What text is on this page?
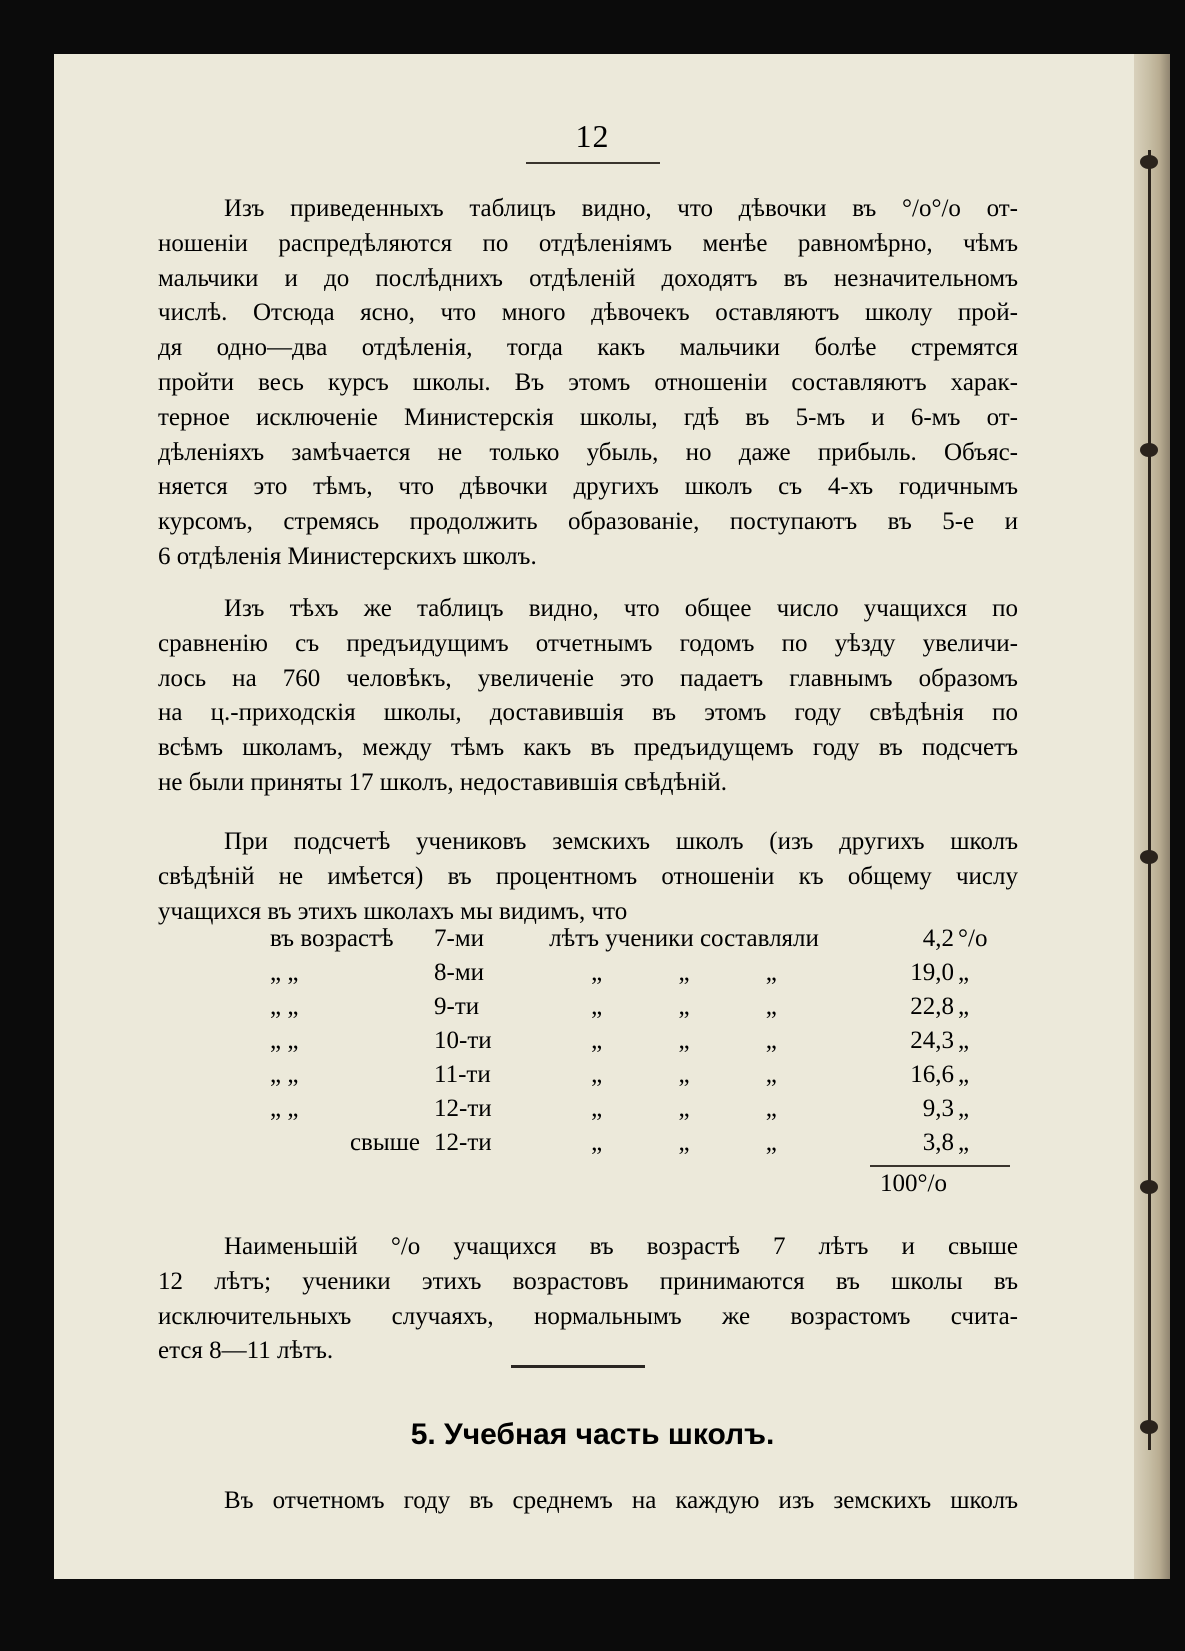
12
Изъ приведенныхъ таблицъ видно, что дѣвочки въ °/o°/o от-
ношеніи распредѣляются по отдѣленіямъ менѣе равномѣрно, чѣмъ
мальчики и до послѣднихъ отдѣленій доходятъ въ незначительномъ
числѣ. Отсюда ясно, что много дѣвочекъ оставляютъ школу прой-
дя одно—два отдѣленія, тогда какъ мальчики болѣе стремятся
пройти весь курсъ школы. Въ этомъ отношеніи составляютъ харак-
терное исключеніе Министерскія школы, гдѣ въ 5-мъ и 6-мъ от-
дѣленіяхъ замѣчается не только убыль, но даже прибыль. Объяс-
няется это тѣмъ, что дѣвочки другихъ школъ съ 4-хъ годичнымъ
курсомъ, стремясь продолжить образованіе, поступаютъ въ 5-е и
6 отдѣленія Министерскихъ школъ.
Изъ тѣхъ же таблицъ видно, что общее число учащихся по
сравненію съ предъидущимъ отчетнымъ годомъ по уѣзду увеличи-
лось на 760 человѣкъ, увеличеніе это падаетъ главнымъ образомъ
на ц.-приходскія школы, доставившія въ этомъ году свѣдѣнія по
всѣмъ школамъ, между тѣмъ какъ въ предъидущемъ году въ подсчетъ
не были приняты 17 школъ, недоставившія свѣдѣній.
При подсчетѣ учениковъ земскихъ школъ (изъ другихъ школъ
свѣдѣній не имѣется) въ процентномъ отношеніи къ общему числу
учащихся въ этихъ школахъ мы видимъ, что
въ возрастѣ	7-ми	лѣтъ ученики составляли	4,2	°/o
„ „	8-ми	„ „ „	19,0	„
„ „	9-ти	„ „ „	22,8	„
„ „	10-ти	„ „ „	24,3	„
„ „	11-ти	„ „ „	16,6	„
„ „	12-ти	„ „ „	9,3	„
свыше	12-ти	„ „ „	3,8	„
100°/o
Наименьшій °/o учащихся въ возрастѣ 7 лѣтъ и свыше
12 лѣтъ; ученики этихъ возрастовъ принимаются въ школы въ
исключительныхъ случаяхъ, нормальнымъ же возрастомъ счита-
ется 8—11 лѣтъ.
5. Учебная часть школъ.
Въ отчетномъ году въ среднемъ на каждую изъ земскихъ школъ
